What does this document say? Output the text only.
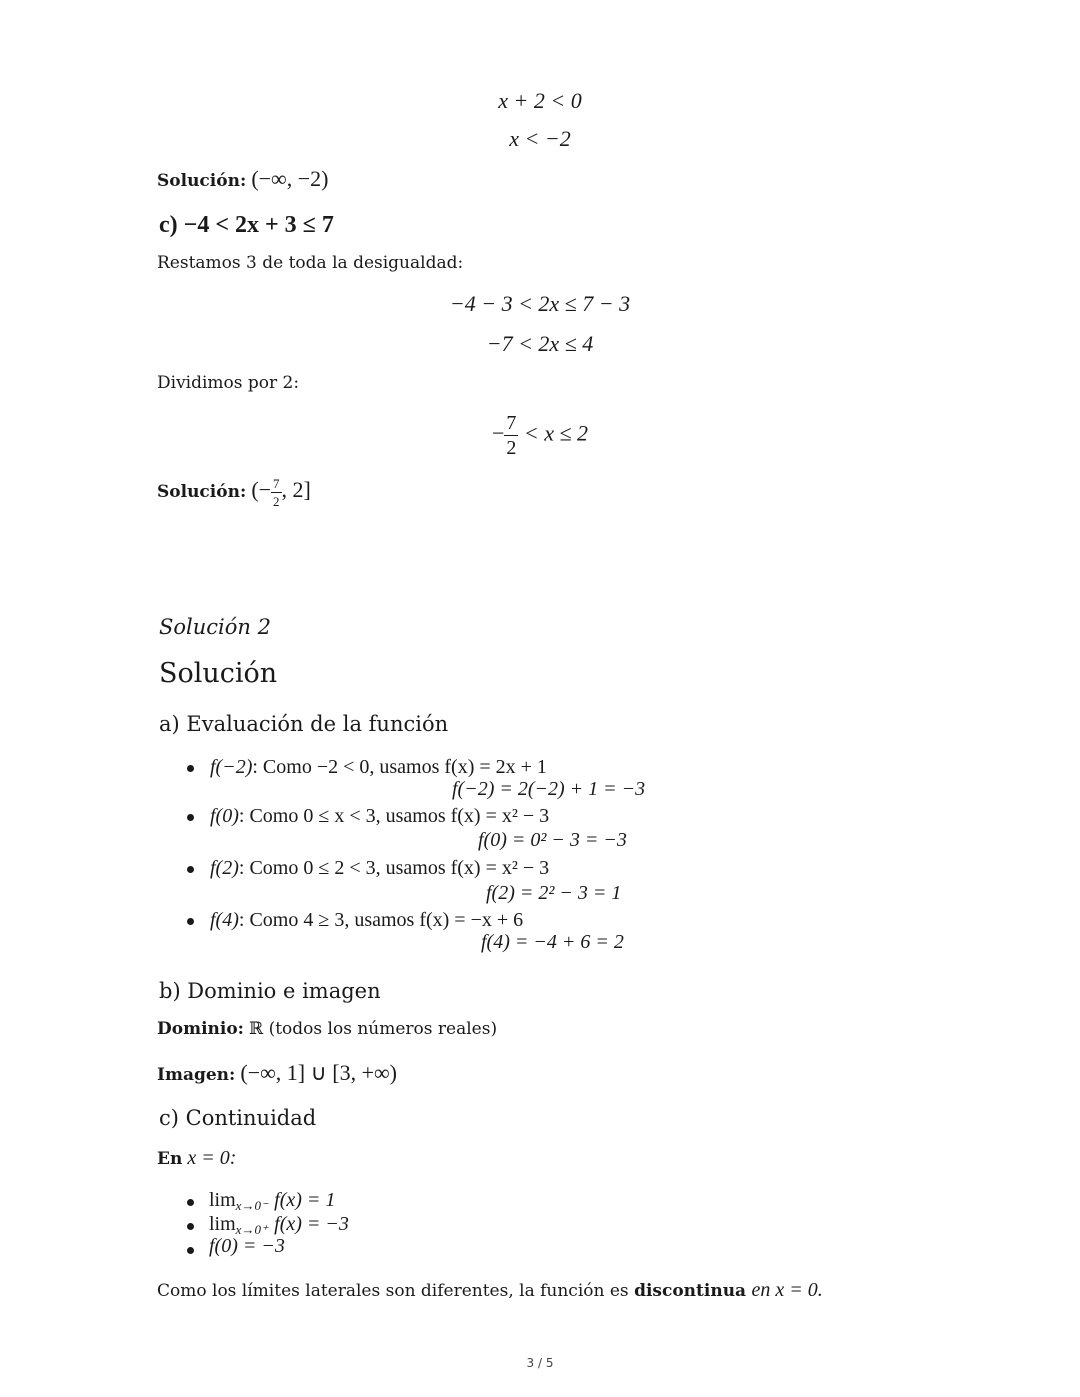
x + 2 < 0
x < −2
Solución: (−∞, −2)
c) −4 < 2x + 3 ≤ 7
Restamos 3 de toda la desigualdad:
−4 − 3 < 2x ≤ 7 − 3
−7 < 2x ≤ 4
Dividimos por 2:
− $\frac{7}{2} < x \le 2$
Solución: (− $\frac{7}{2}$ , 2]
Solución 2
Solución
a) Evaluación de la función
f(−2): Como −2 < 0, usamos f(x) = 2x + 1
f(−2) = 2(−2) + 1 = −3
f(0): Como 0 ≤ x < 3, usamos f(x) = x² − 3
f(0) = 0² − 3 = −3
f(2): Como 0 ≤ 2 < 3, usamos f(x) = x² − 3
f(2) = 2² − 3 = 1
f(4): Como 4 ≥ 3, usamos f(x) = −x + 6
f(4) = −4 + 6 = 2
b) Dominio e imagen
Dominio: ℝ (todos los números reales)
Imagen: (−∞, 1] ∪ [3, +∞)
c) Continuidad
En x = 0:
$\lim_{x\to 0^-} f(x) = 1$
$\lim_{x\to 0^+} f(x) = -3$
f(0) = −3
Como los límites laterales son diferentes, la función es discontinua en x = 0.
3 / 5
